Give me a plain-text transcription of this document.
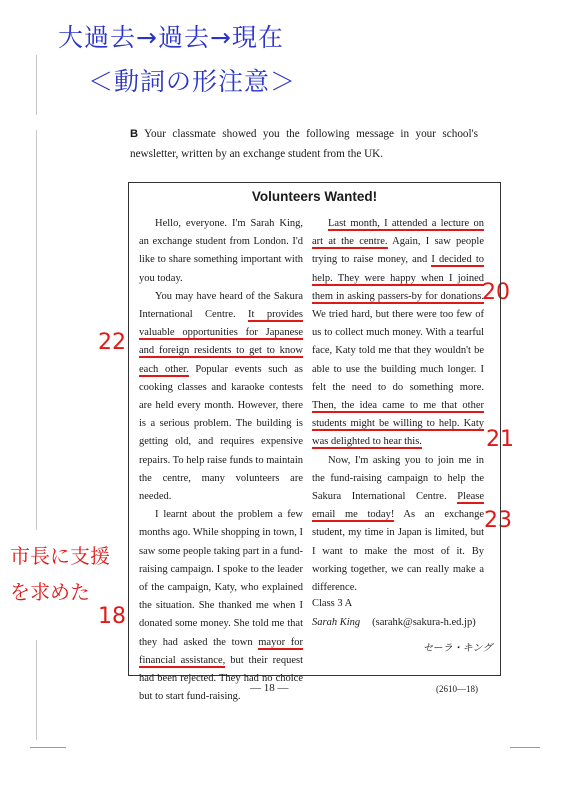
大過去→過去→現在
＜動詞の形注意＞
20
22
21
23
市長に支援
を求めた
18
B Your classmate showed you the following message in your school's newsletter, written by an exchange student from the UK.
Volunteers Wanted!

Hello, everyone. I'm Sarah King, an exchange student from London. I'd like to share something important with you today.

You may have heard of the Sakura International Centre. It provides valuable opportunities for Japanese and foreign residents to get to know each other. Popular events such as cooking classes and karaoke contests are held every month. However, there is a serious problem. The building is getting old, and requires expensive repairs. To help raise funds to maintain the centre, many volunteers are needed.

I learnt about the problem a few months ago. While shopping in town, I saw some people taking part in a fund-raising campaign. I spoke to the leader of the campaign, Katy, who explained the situation. She thanked me when I donated some money. She told me that they had asked the town mayor for financial assistance, but their request had been rejected. They had no choice but to start fund-raising.

Last month, I attended a lecture on art at the centre. Again, I saw people trying to raise money, and I decided to help. They were happy when I joined them in asking passers-by for donations. We tried hard, but there were too few of us to collect much money. With a tearful face, Katy told me that they wouldn't be able to use the building much longer. I felt the need to do something more. Then, the idea came to me that other students might be willing to help. Katy was delighted to hear this.

Now, I'm asking you to join me in the fund-raising campaign to help the Sakura International Centre. Please email me today! As an exchange student, my time in Japan is limited, but I want to make the most of it. By working together, we can really make a difference.

Class 3 A
Sarah King (sarahk@sakura-h.ed.jp)
セーラ・キング
— 18 —	(2610—18)
